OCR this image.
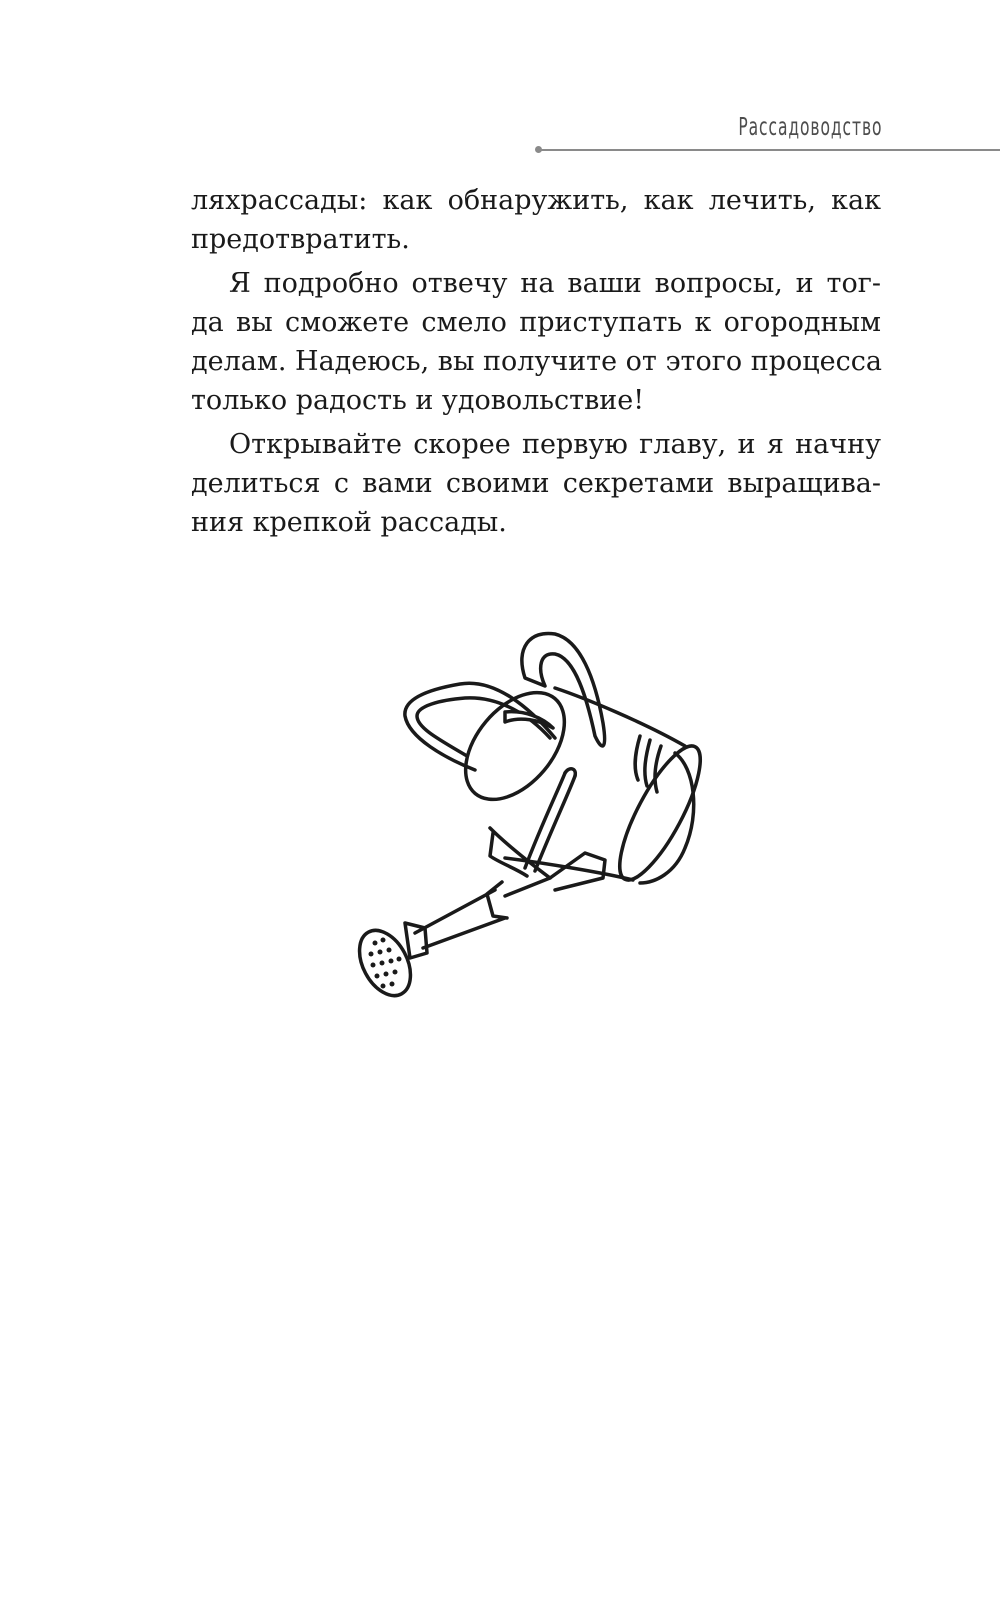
Рассадоводство

ляхрассады: как обнаружить, как лечить, как
предотвратить.

Я подробно отвечу на ваши вопросы, и тог-
да вы сможете смело приступать к огородным
делам. Надеюсь, вы получите от этого процесса
только радость и удовольствие!

Открывайте скорее первую главу, и я начну
делиться с вами своими секретами выращива-
ния крепкой рассады.
